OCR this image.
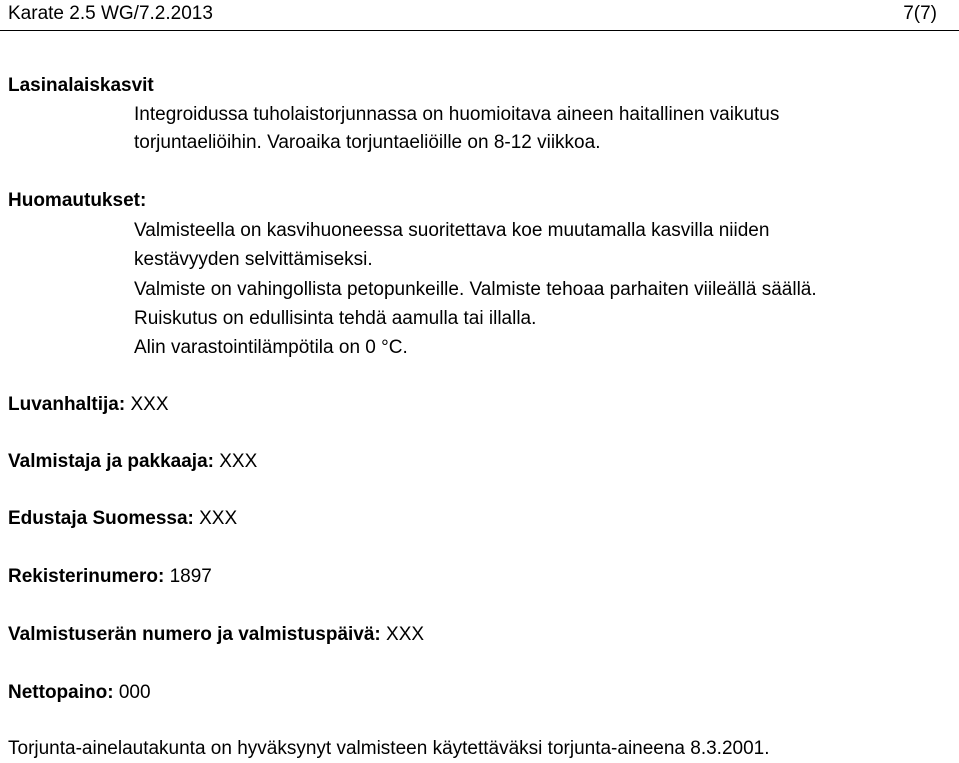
Karate 2.5 WG/7.2.2013	7(7)
Lasinalaiskasvit
Integroidussa tuholaistorjunnassa on huomioitava aineen haitallinen vaikutus
torjuntaeliöihin. Varoaika torjuntaeliöille on 8-12 viikkoa.
Huomautukset:
Valmisteella on kasvihuoneessa suoritettava koe muutamalla kasvilla niiden
kestävyyden selvittämiseksi.
Valmiste on vahingollista petopunkeille. Valmiste tehoaa parhaiten viileällä säällä.
Ruiskutus on edullisinta tehdä aamulla tai illalla.
Alin varastointilämpötila on 0 °C.
Luvanhaltija: XXX
Valmistaja ja pakkaaja: XXX
Edustaja Suomessa: XXX
Rekisterinumero: 1897
Valmistuserän numero ja valmistuspäivä: XXX
Nettopaino: 000
Torjunta-ainelautakunta on hyväksynyt valmisteen käytettäväksi torjunta-aineena 8.3.2001.
